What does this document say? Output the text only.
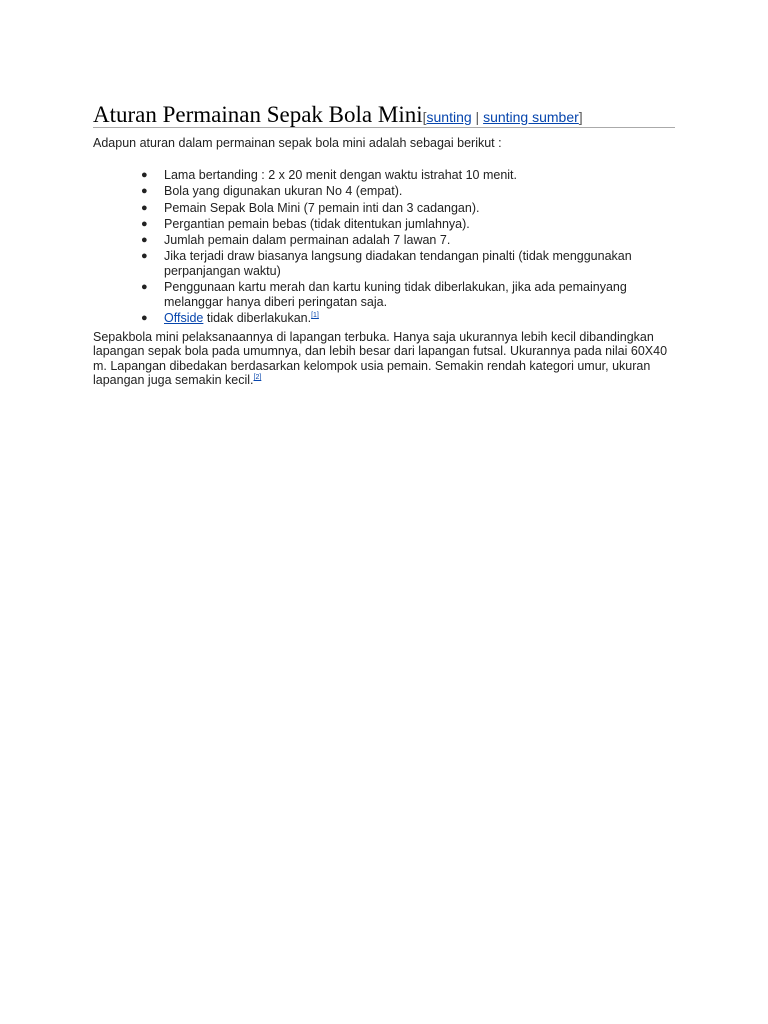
Aturan Permainan Sepak Bola Mini [sunting | sunting sumber]

Adapun aturan dalam permainan sepak bola mini adalah sebagai berikut :

● Lama bertanding : 2 x 20 menit dengan waktu istrahat 10 menit.
● Bola yang digunakan ukuran No 4 (empat).
● Pemain Sepak Bola Mini (7 pemain inti dan 3 cadangan).
● Pergantian pemain bebas (tidak ditentukan jumlahnya).
● Jumlah pemain dalam permainan adalah 7 lawan 7.
● Jika terjadi draw biasanya langsung diadakan tendangan pinalti (tidak menggunakan perpanjangan waktu)
● Penggunaan kartu merah dan kartu kuning tidak diberlakukan, jika ada pemainyang melanggar hanya diberi peringatan saja.
● Offside tidak diberlakukan.[1]

Sepakbola mini pelaksanaannya di lapangan terbuka. Hanya saja ukurannya lebih kecil dibandingkan lapangan sepak bola pada umumnya, dan lebih besar dari lapangan futsal. Ukurannya pada nilai 60X40 m. Lapangan dibedakan berdasarkan kelompok usia pemain. Semakin rendah kategori umur, ukuran lapangan juga semakin kecil.[2]
